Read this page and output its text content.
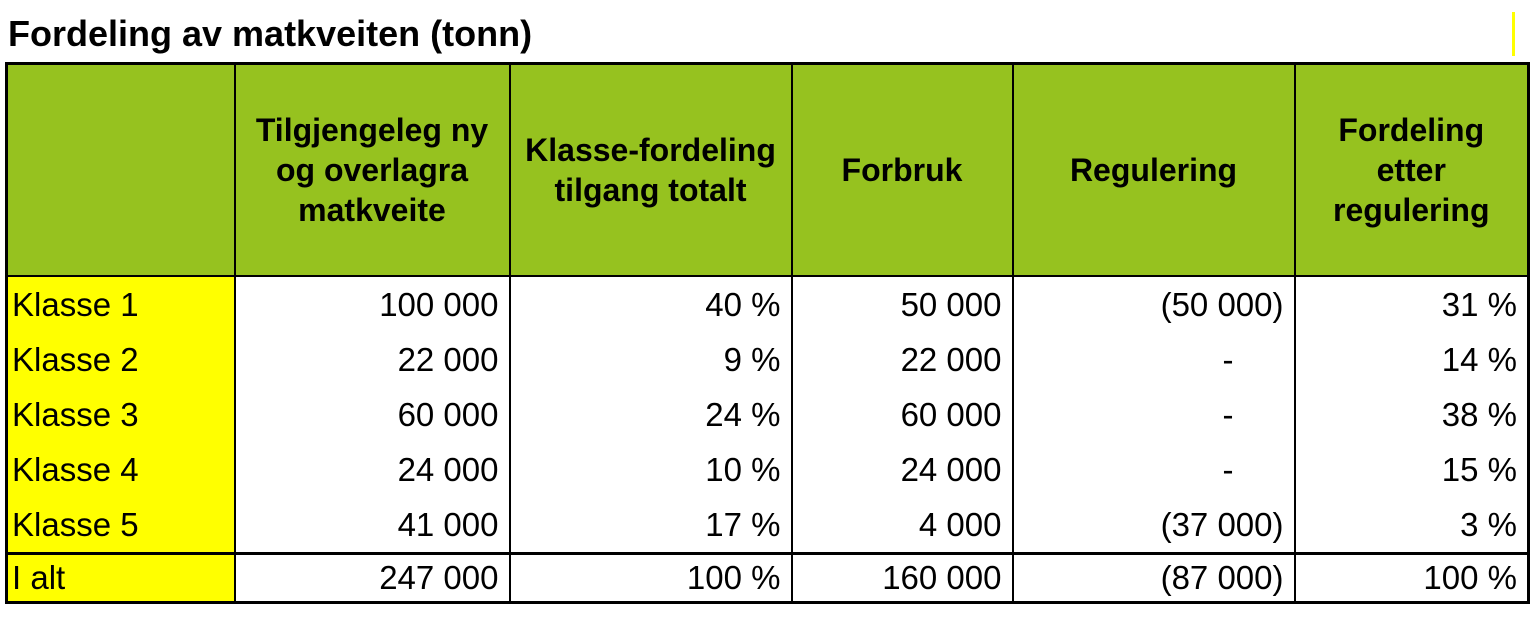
Fordeling av matkveiten (tonn)
	Tilgjengeleg ny og overlagra matkveite	Klasse-fordeling tilgang totalt	Forbruk	Regulering	Fordeling etter regulering
Klasse 1	100 000	40 %	50 000	(50 000)	31 %
Klasse 2	22 000	9 %	22 000	-	14 %
Klasse 3	60 000	24 %	60 000	-	38 %
Klasse 4	24 000	10 %	24 000	-	15 %
Klasse 5	41 000	17 %	4 000	(37 000)	3 %
I alt	247 000	100 %	160 000	(87 000)	100 %
